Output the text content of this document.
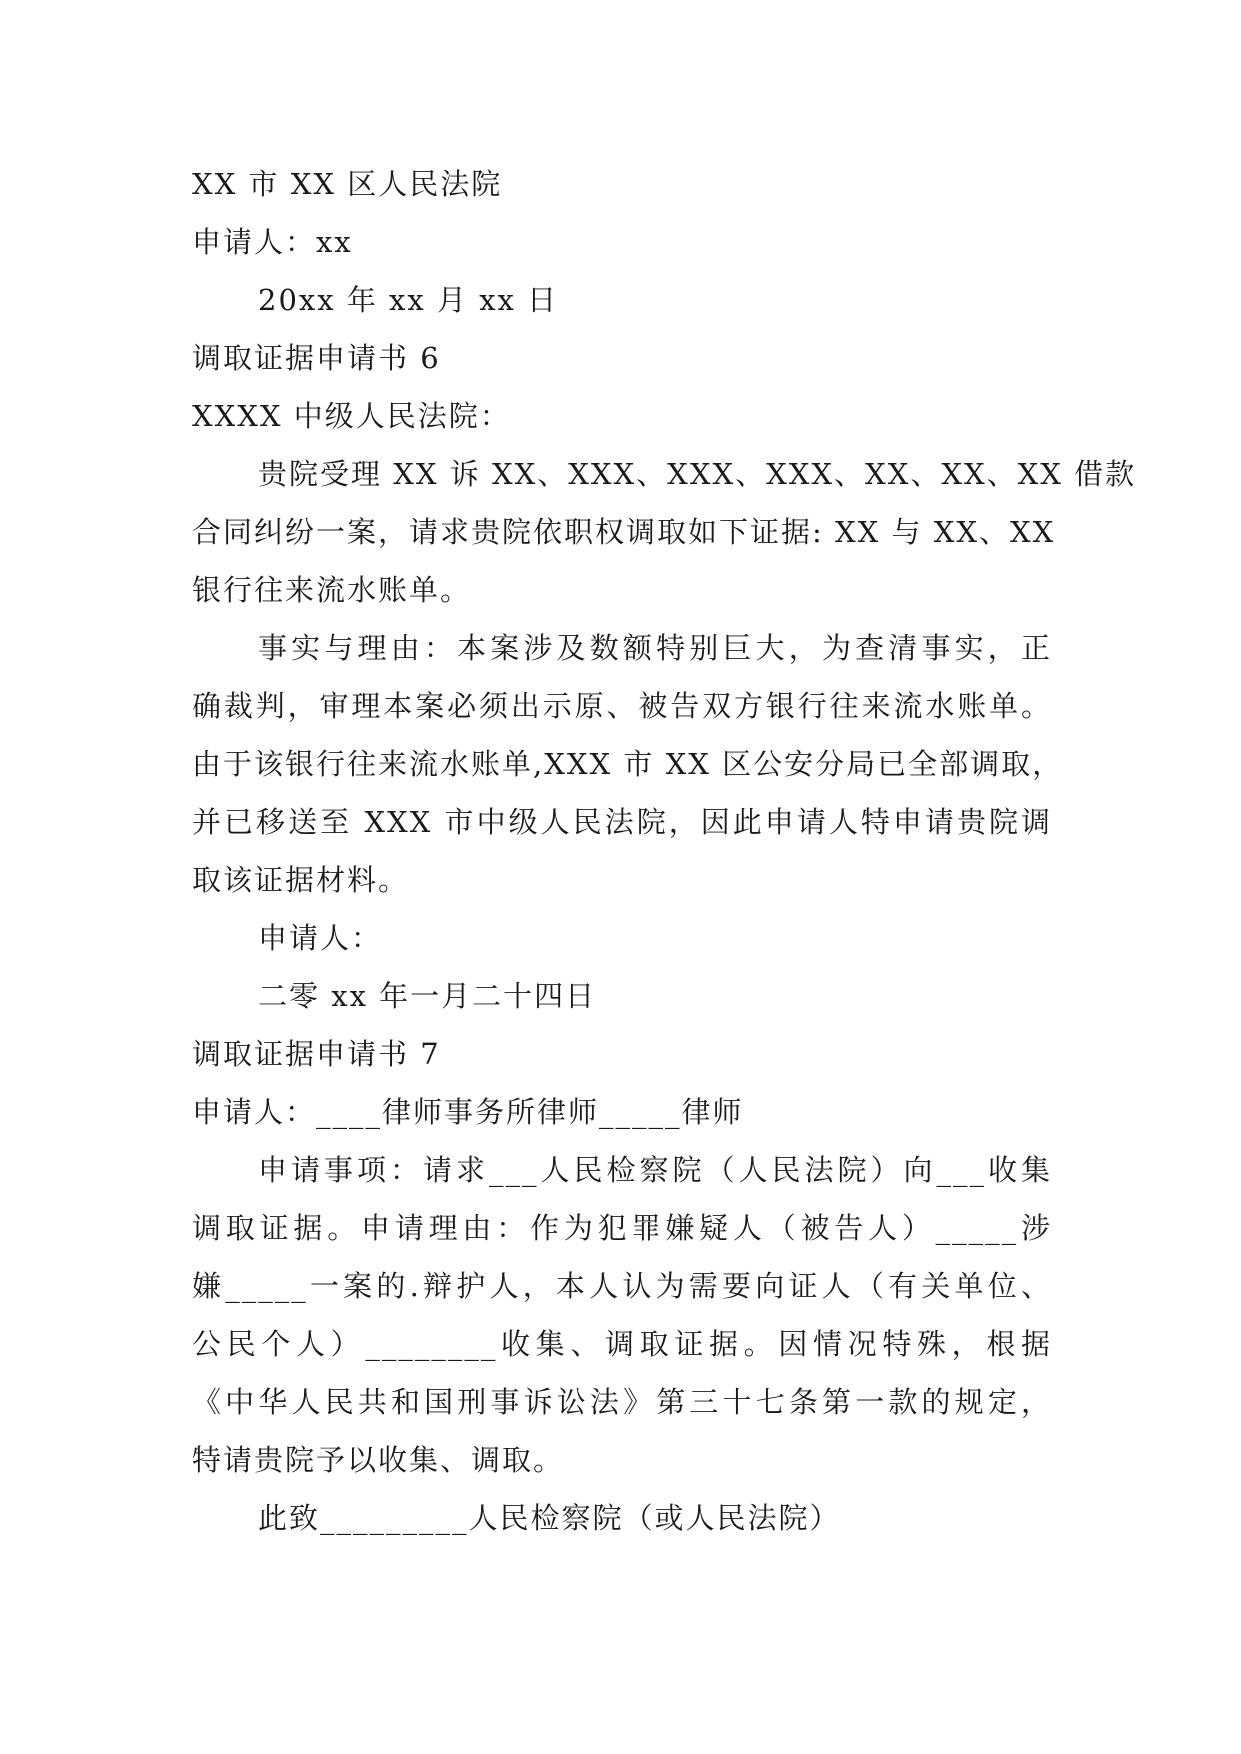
XX 市 XX 区人民法院

申请人：xx

20xx 年 xx 月 xx 日

调取证据申请书 6

XXXX 中级人民法院：

贵院受理 XX 诉 XX、XXX、XXX、XXX、XX、XX、XX 借款
合同纠纷一案，请求贵院依职权调取如下证据: XX 与 XX、XX
银行往来流水账单。
事实与理由：本案涉及数额特别巨大，为查清事实，正
确裁判，审理本案必须出示原、被告双方银行往来流水账单。
由于该银行往来流水账单,XXX 市 XX 区公安分局已全部调取，
并已移送至 XXX 市中级人民法院，因此申请人特申请贵院调
取该证据材料。

申请人：

二零 xx 年一月二十四日

调取证据申请书 7

申请人：____律师事务所律师_____律师

申请事项：请求___人民检察院（人民法院）向___收集
调取证据。申请理由：作为犯罪嫌疑人（被告人）_____涉
嫌_____一案的.辩护人，本人认为需要向证人（有关单位、
公民个人）________收集、调取证据。因情况特殊，根据
《中华人民共和国刑事诉讼法》第三十七条第一款的规定，
特请贵院予以收集、调取。

此致_________人民检察院（或人民法院）
